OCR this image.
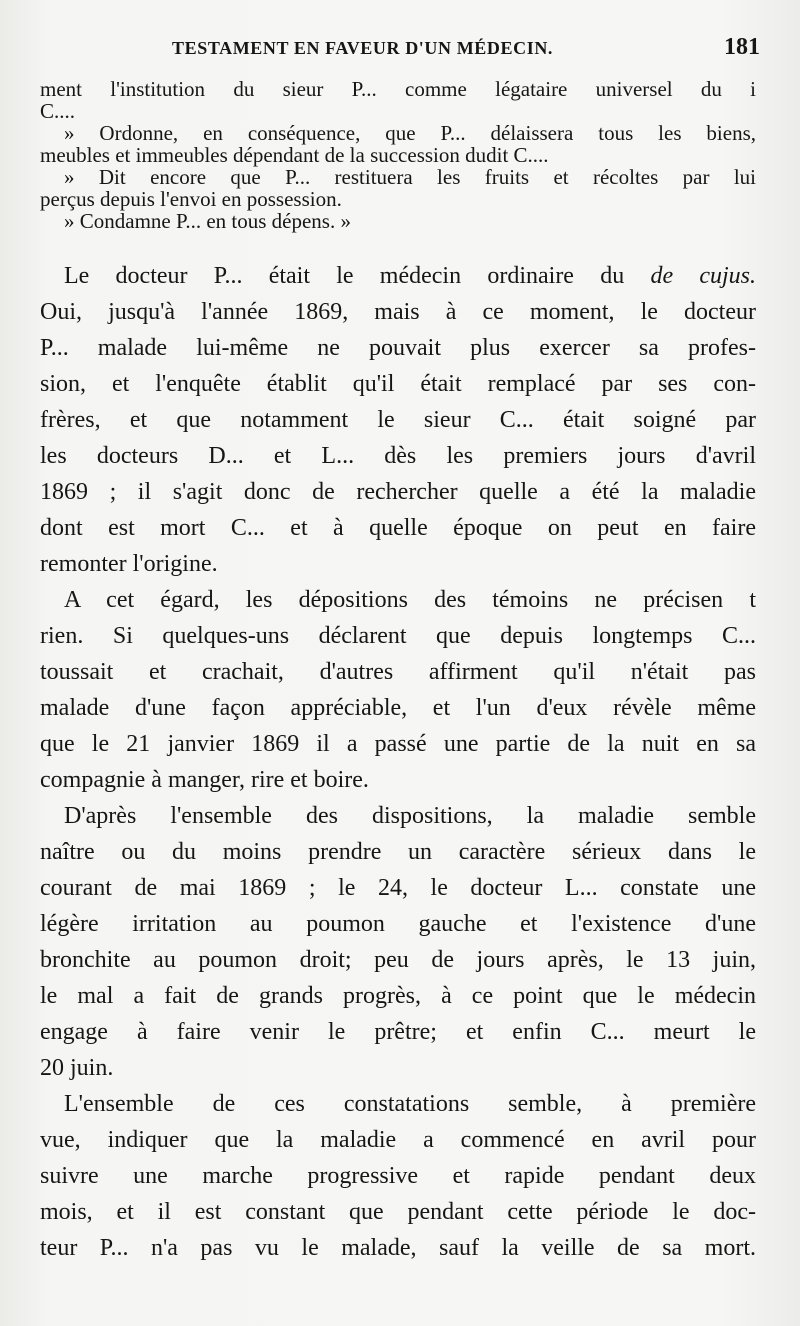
TESTAMENT EN FAVEUR D'UN MÉDECIN.	181
ment l'institution du sieur P... comme légataire universel du i
C....
» Ordonne, en conséquence, que P... délaissera tous les biens,
meubles et immeubles dépendant de la succession dudit C....
» Dit encore que P... restituera les fruits et récoltes par lui
perçus depuis l'envoi en possession.
» Condamne P... en tous dépens. »
Le docteur P... était le médecin ordinaire du de cujus.
Oui, jusqu'à l'année 1869, mais à ce moment, le docteur
P... malade lui-même ne pouvait plus exercer sa profes-
sion, et l'enquête établit qu'il était remplacé par ses con-
frères, et que notamment le sieur C... était soigné par
les docteurs D... et L... dès les premiers jours d'avril
1869 ; il s'agit donc de rechercher quelle a été la maladie
dont est mort C... et à quelle époque on peut en faire
remonter l'origine.
A cet égard, les dépositions des témoins ne précisen t
rien. Si quelques-uns déclarent que depuis longtemps C...
toussait et crachait, d'autres affirment qu'il n'était pas
malade d'une façon appréciable, et l'un d'eux révèle même
que le 21 janvier 1869 il a passé une partie de la nuit en sa
compagnie à manger, rire et boire.
D'après l'ensemble des dispositions, la maladie semble
naître ou du moins prendre un caractère sérieux dans le
courant de mai 1869 ; le 24, le docteur L... constate une
légère irritation au poumon gauche et l'existence d'une
bronchite au poumon droit; peu de jours après, le 13 juin,
le mal a fait de grands progrès, à ce point que le médecin
engage à faire venir le prêtre; et enfin C... meurt le
20 juin.
L'ensemble de ces constatations semble, à première
vue, indiquer que la maladie a commencé en avril pour
suivre une marche progressive et rapide pendant deux
mois, et il est constant que pendant cette période le doc-
teur P... n'a pas vu le malade, sauf la veille de sa mort.
